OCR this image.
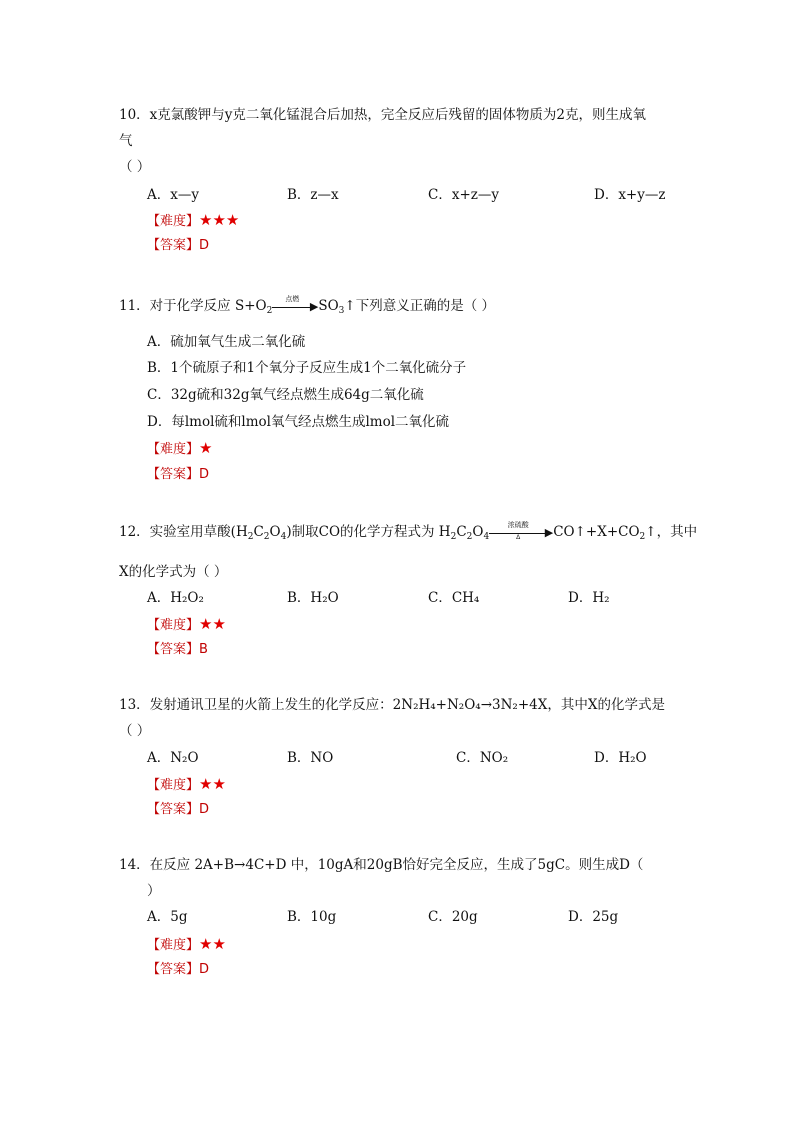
10．x克氯酸钾与y克二氧化锰混合后加热，完全反应后残留的固体物质为2克，则生成氧
气
（ ）
A．x—y	B．z—x	C．x+z—y	D．x+y—z
【难度】★★★
【答案】D
11．对于化学反应 $S+O_2$
点燃
▶ $SO_3↑$下列意义正确的是（ ）
A．硫加氧气生成二氧化硫
B．1个硫原子和1个氧分子反应生成1个二氧化硫分子
C．32g硫和32g氧气经点燃生成64g二氧化硫
D．每lmol硫和lmol氧气经点燃生成lmol二氧化硫
【难度】★
【答案】D
12．实验室用草酸$(H_2C_2O_4)$制取CO的化学方程式为 $H_2C_2O_4$
浓硫酸
▶
Δ	$CO↑+X+CO_2↑$，其中
X的化学式为（ ）
A．H₂O₂	B．H₂O	C．CH₄	D．H₂
【难度】★★
【答案】B
13．发射通讯卫星的火箭上发生的化学反应：2N₂H₄+N₂O₄→3N₂+4X，其中X的化学式是
（ ）
A．N₂O	B．NO	C．NO₂	D．H₂O
【难度】★★
【答案】D
14．在反应 2A+B→4C+D 中，10gA和20gB恰好完全反应，生成了5gC。则生成D（
）
A．5g	B．10g	C．20g	D．25g
【难度】★★
【答案】D
